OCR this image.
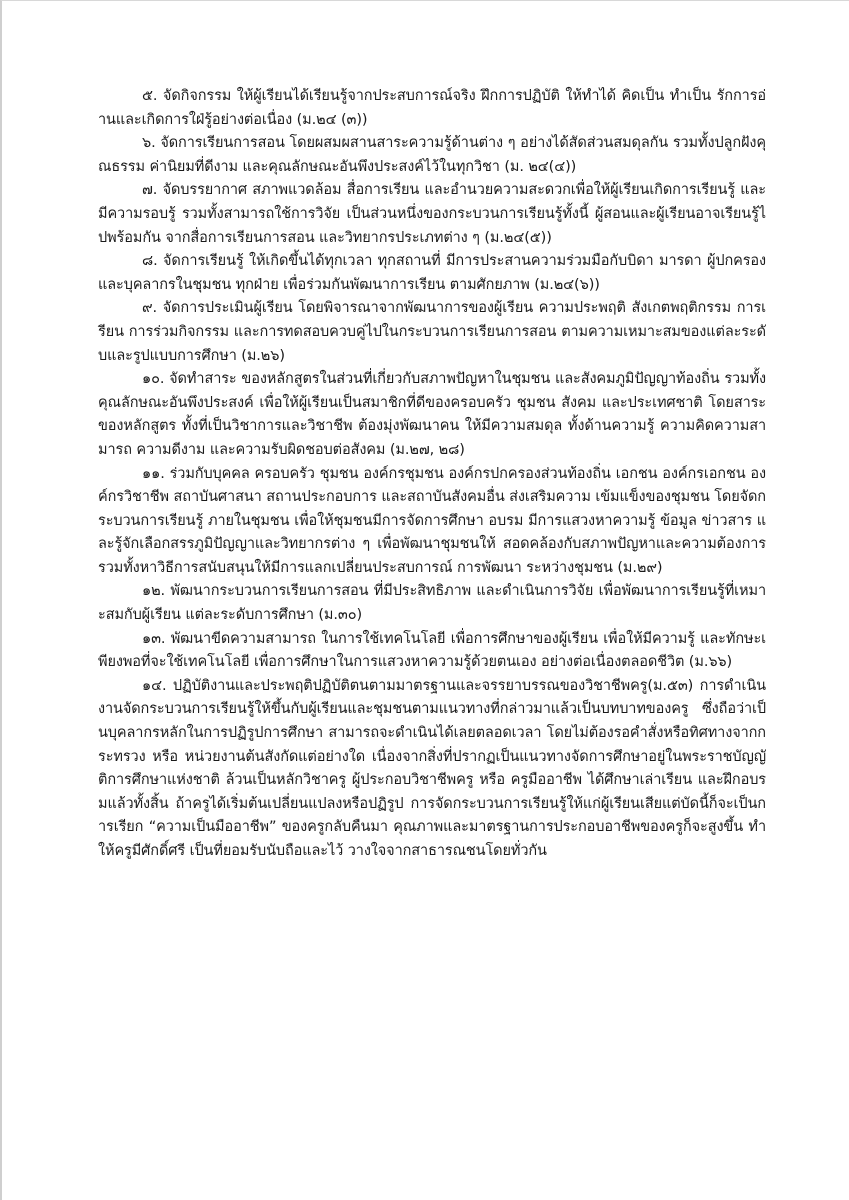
๕. จัดกิจกรรม ให้ผู้เรียนได้เรียนรู้จากประสบการณ์จริง ฝึกการปฏิบัติ ให้ทำได้ คิดเป็น ทำเป็น รักการอ่านและเกิดการใฝ่รู้อย่างต่อเนื่อง (ม.๒๔ (๓))

๖. จัดการเรียนการสอน โดยผสมผสานสาระความรู้ด้านต่าง ๆ อย่างได้สัดส่วนสมดุลกัน รวมทั้งปลูกฝังคุณธรรม ค่านิยมที่ดีงาม และคุณลักษณะอันพึงประสงค์ไว้ในทุกวิชา (ม. ๒๔(๔))

๗. จัดบรรยากาศ สภาพแวดล้อม สื่อการเรียน และอำนวยความสะดวกเพื่อให้ผู้เรียนเกิดการเรียนรู้ และมีความรอบรู้ รวมทั้งสามารถใช้การวิจัย เป็นส่วนหนึ่งของกระบวนการเรียนรู้ทั้งนี้ ผู้สอนและผู้เรียนอาจเรียนรู้ไปพร้อมกัน จากสื่อการเรียนการสอน และวิทยากรประเภทต่าง ๆ (ม.๒๔(๕))

๘. จัดการเรียนรู้ ให้เกิดขึ้นได้ทุกเวลา ทุกสถานที่ มีการประสานความร่วมมือกับบิดา มารดา ผู้ปกครอง และบุคลากรในชุมชน ทุกฝ่าย เพื่อร่วมกันพัฒนาการเรียน ตามศักยภาพ (ม.๒๔(๖))

๙. จัดการประเมินผู้เรียน โดยพิจารณาจากพัฒนาการของผู้เรียน ความประพฤติ สังเกตพฤติกรรม การเรียน การร่วมกิจกรรม และการทดสอบควบคู่ไปในกระบวนการเรียนการสอน ตามความเหมาะสมของแต่ละระดับและรูปแบบการศึกษา (ม.๒๖)

๑๐. จัดทำสาระ ของหลักสูตรในส่วนที่เกี่ยวกับสภาพปัญหาในชุมชน และสังคมภูมิปัญญาท้องถิ่น รวมทั้งคุณลักษณะอันพึงประสงค์ เพื่อให้ผู้เรียนเป็นสมาชิกที่ดีของครอบครัว ชุมชน สังคม และประเทศชาติ โดยสาระของหลักสูตร ทั้งที่เป็นวิชาการและวิชาชีพ ต้องมุ่งพัฒนาคน ให้มีความสมดุล ทั้งด้านความรู้ ความคิดความสามารถ ความดีงาม และความรับผิดชอบต่อสังคม (ม.๒๗, ๒๘)

๑๑. ร่วมกับบุคคล ครอบครัว ชุมชน องค์กรชุมชน องค์กรปกครองส่วนท้องถิ่น เอกชน องค์กรเอกชน องค์กรวิชาชีพ สถาบันศาสนา สถานประกอบการ และสถาบันสังคมอื่น ส่งเสริมความ เข้มแข็งของชุมชน โดยจัดกระบวนการเรียนรู้ ภายในชุมชน เพื่อให้ชุมชนมีการจัดการศึกษา อบรม มีการแสวงหาความรู้ ข้อมูล ข่าวสาร และรู้จักเลือกสรรภูมิปัญญาและวิทยากรต่าง ๆ เพื่อพัฒนาชุมชนให้ สอดคล้องกับสภาพปัญหาและความต้องการ รวมทั้งหาวิธีการสนับสนุนให้มีการแลกเปลี่ยนประสบการณ์ การพัฒนา ระหว่างชุมชน (ม.๒๙)

๑๒. พัฒนากระบวนการเรียนการสอน ที่มีประสิทธิภาพ และดำเนินการวิจัย เพื่อพัฒนาการเรียนรู้ที่เหมาะสมกับผู้เรียน แต่ละระดับการศึกษา (ม.๓๐)

๑๓. พัฒนาขีดความสามารถ ในการใช้เทคโนโลยี เพื่อการศึกษาของผู้เรียน เพื่อให้มีความรู้ และทักษะเพียงพอที่จะใช้เทคโนโลยี เพื่อการศึกษาในการแสวงหาความรู้ด้วยตนเอง อย่างต่อเนื่องตลอดชีวิต (ม.๖๖)

๑๔. ปฏิบัติงานและประพฤติปฏิบัติตนตามมาตรฐานและจรรยาบรรณของวิชาชีพครู(ม.๕๓) การดำเนินงานจัดกระบวนการเรียนรู้ให้ขึ้นกับผู้เรียนและชุมชนตามแนวทางที่กล่าวมาแล้วเป็นบทบาทของครู ซึ่งถือว่าเป็นบุคลากรหลักในการปฏิรูปการศึกษา สามารถจะดำเนินได้เลยตลอดเวลา โดยไม่ต้องรอคำสั่งหรือทิศทางจากกระทรวง หรือ หน่วยงานต้นสังกัดแต่อย่างใด เนื่องจากสิ่งที่ปรากฏเป็นแนวทางจัดการศึกษาอยู่ในพระราชบัญญัติการศึกษาแห่งชาติ ล้วนเป็นหลักวิชาครู ผู้ประกอบวิชาชีพครู หรือ ครูมืออาชีพ ได้ศึกษาเล่าเรียน และฝึกอบรมแล้วทั้งสิ้น ถ้าครูได้เริ่มต้นเปลี่ยนแปลงหรือปฏิรูป การจัดกระบวนการเรียนรู้ให้แก่ผู้เรียนเสียแต่บัดนี้ก็จะเป็นการเรียก “ความเป็นมืออาชีพ” ของครูกลับคืนมา คุณภาพและมาตรฐานการประกอบอาชีพของครูก็จะสูงขึ้น ทำให้ครูมีศักดิ์ศรี เป็นที่ยอมรับนับถือและไว้ วางใจจากสาธารณชนโดยทั่วกัน
